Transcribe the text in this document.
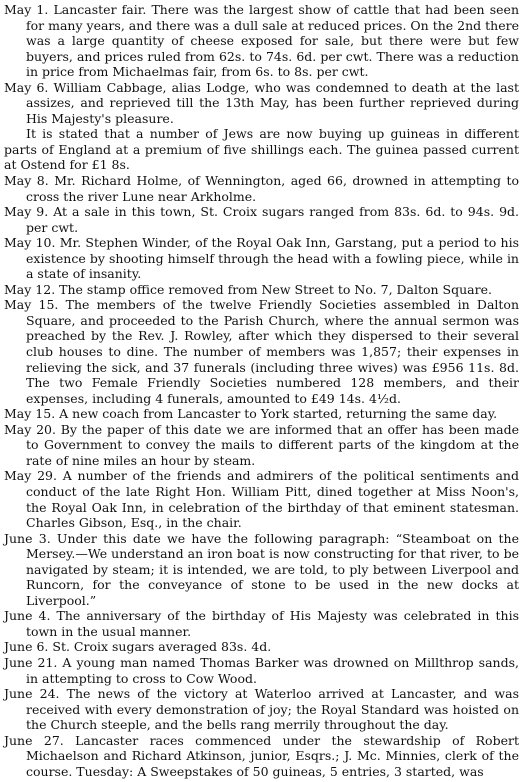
May 1. Lancaster fair. There was the largest show of cattle that had been seen for many years, and there was a dull sale at reduced prices. On the 2nd there was a large quantity of cheese exposed for sale, but there were but few buyers, and prices ruled from 62s. to 74s. 6d. per cwt. There was a reduction in price from Michaelmas fair, from 6s. to 8s. per cwt.

May 6. William Cabbage, alias Lodge, who was condemned to death at the last assizes, and reprieved till the 13th May, has been further reprieved during His Majesty's pleasure.

It is stated that a number of Jews are now buying up guineas in different parts of England at a premium of five shillings each. The guinea passed current at Ostend for £1 8s.

May 8. Mr. Richard Holme, of Wennington, aged 66, drowned in attempting to cross the river Lune near Arkholme.

May 9. At a sale in this town, St. Croix sugars ranged from 83s. 6d. to 94s. 9d. per cwt.

May 10. Mr. Stephen Winder, of the Royal Oak Inn, Garstang, put a period to his existence by shooting himself through the head with a fowling piece, while in a state of insanity.

May 12. The stamp office removed from New Street to No. 7, Dalton Square.

May 15. The members of the twelve Friendly Societies assembled in Dalton Square, and proceeded to the Parish Church, where the annual sermon was preached by the Rev. J. Rowley, after which they dispersed to their several club houses to dine. The number of members was 1,857; their expenses in relieving the sick, and 37 funerals (including three wives) was £956 11s. 8d. The two Female Friendly Societies numbered 128 members, and their expenses, including 4 funerals, amounted to £49 14s. 4½d.

May 15. A new coach from Lancaster to York started, returning the same day.

May 20. By the paper of this date we are informed that an offer has been made to Government to convey the mails to different parts of the kingdom at the rate of nine miles an hour by steam.

May 29. A number of the friends and admirers of the political sentiments and conduct of the late Right Hon. William Pitt, dined together at Miss Noon's, the Royal Oak Inn, in celebration of the birthday of that eminent statesman. Charles Gibson, Esq., in the chair.

June 3. Under this date we have the following paragraph: “Steamboat on the Mersey.—We understand an iron boat is now constructing for that river, to be navigated by steam; it is intended, we are told, to ply between Liverpool and Runcorn, for the conveyance of stone to be used in the new docks at Liverpool.”

June 4. The anniversary of the birthday of His Majesty was celebrated in this town in the usual manner.

June 6. St. Croix sugars averaged 83s. 4d.

June 21. A young man named Thomas Barker was drowned on Millthrop sands, in attempting to cross to Cow Wood.

June 24. The news of the victory at Waterloo arrived at Lancaster, and was received with every demonstration of joy; the Royal Standard was hoisted on the Church steeple, and the bells rang merrily throughout the day.

June 27. Lancaster races commenced under the stewardship of Robert Michaelson and Richard Atkinson, junior, Esqrs.; J. Mc. Minnies, clerk of the course. Tuesday: A Sweepstakes of 50 guineas, 5 entries, 3 started, was
